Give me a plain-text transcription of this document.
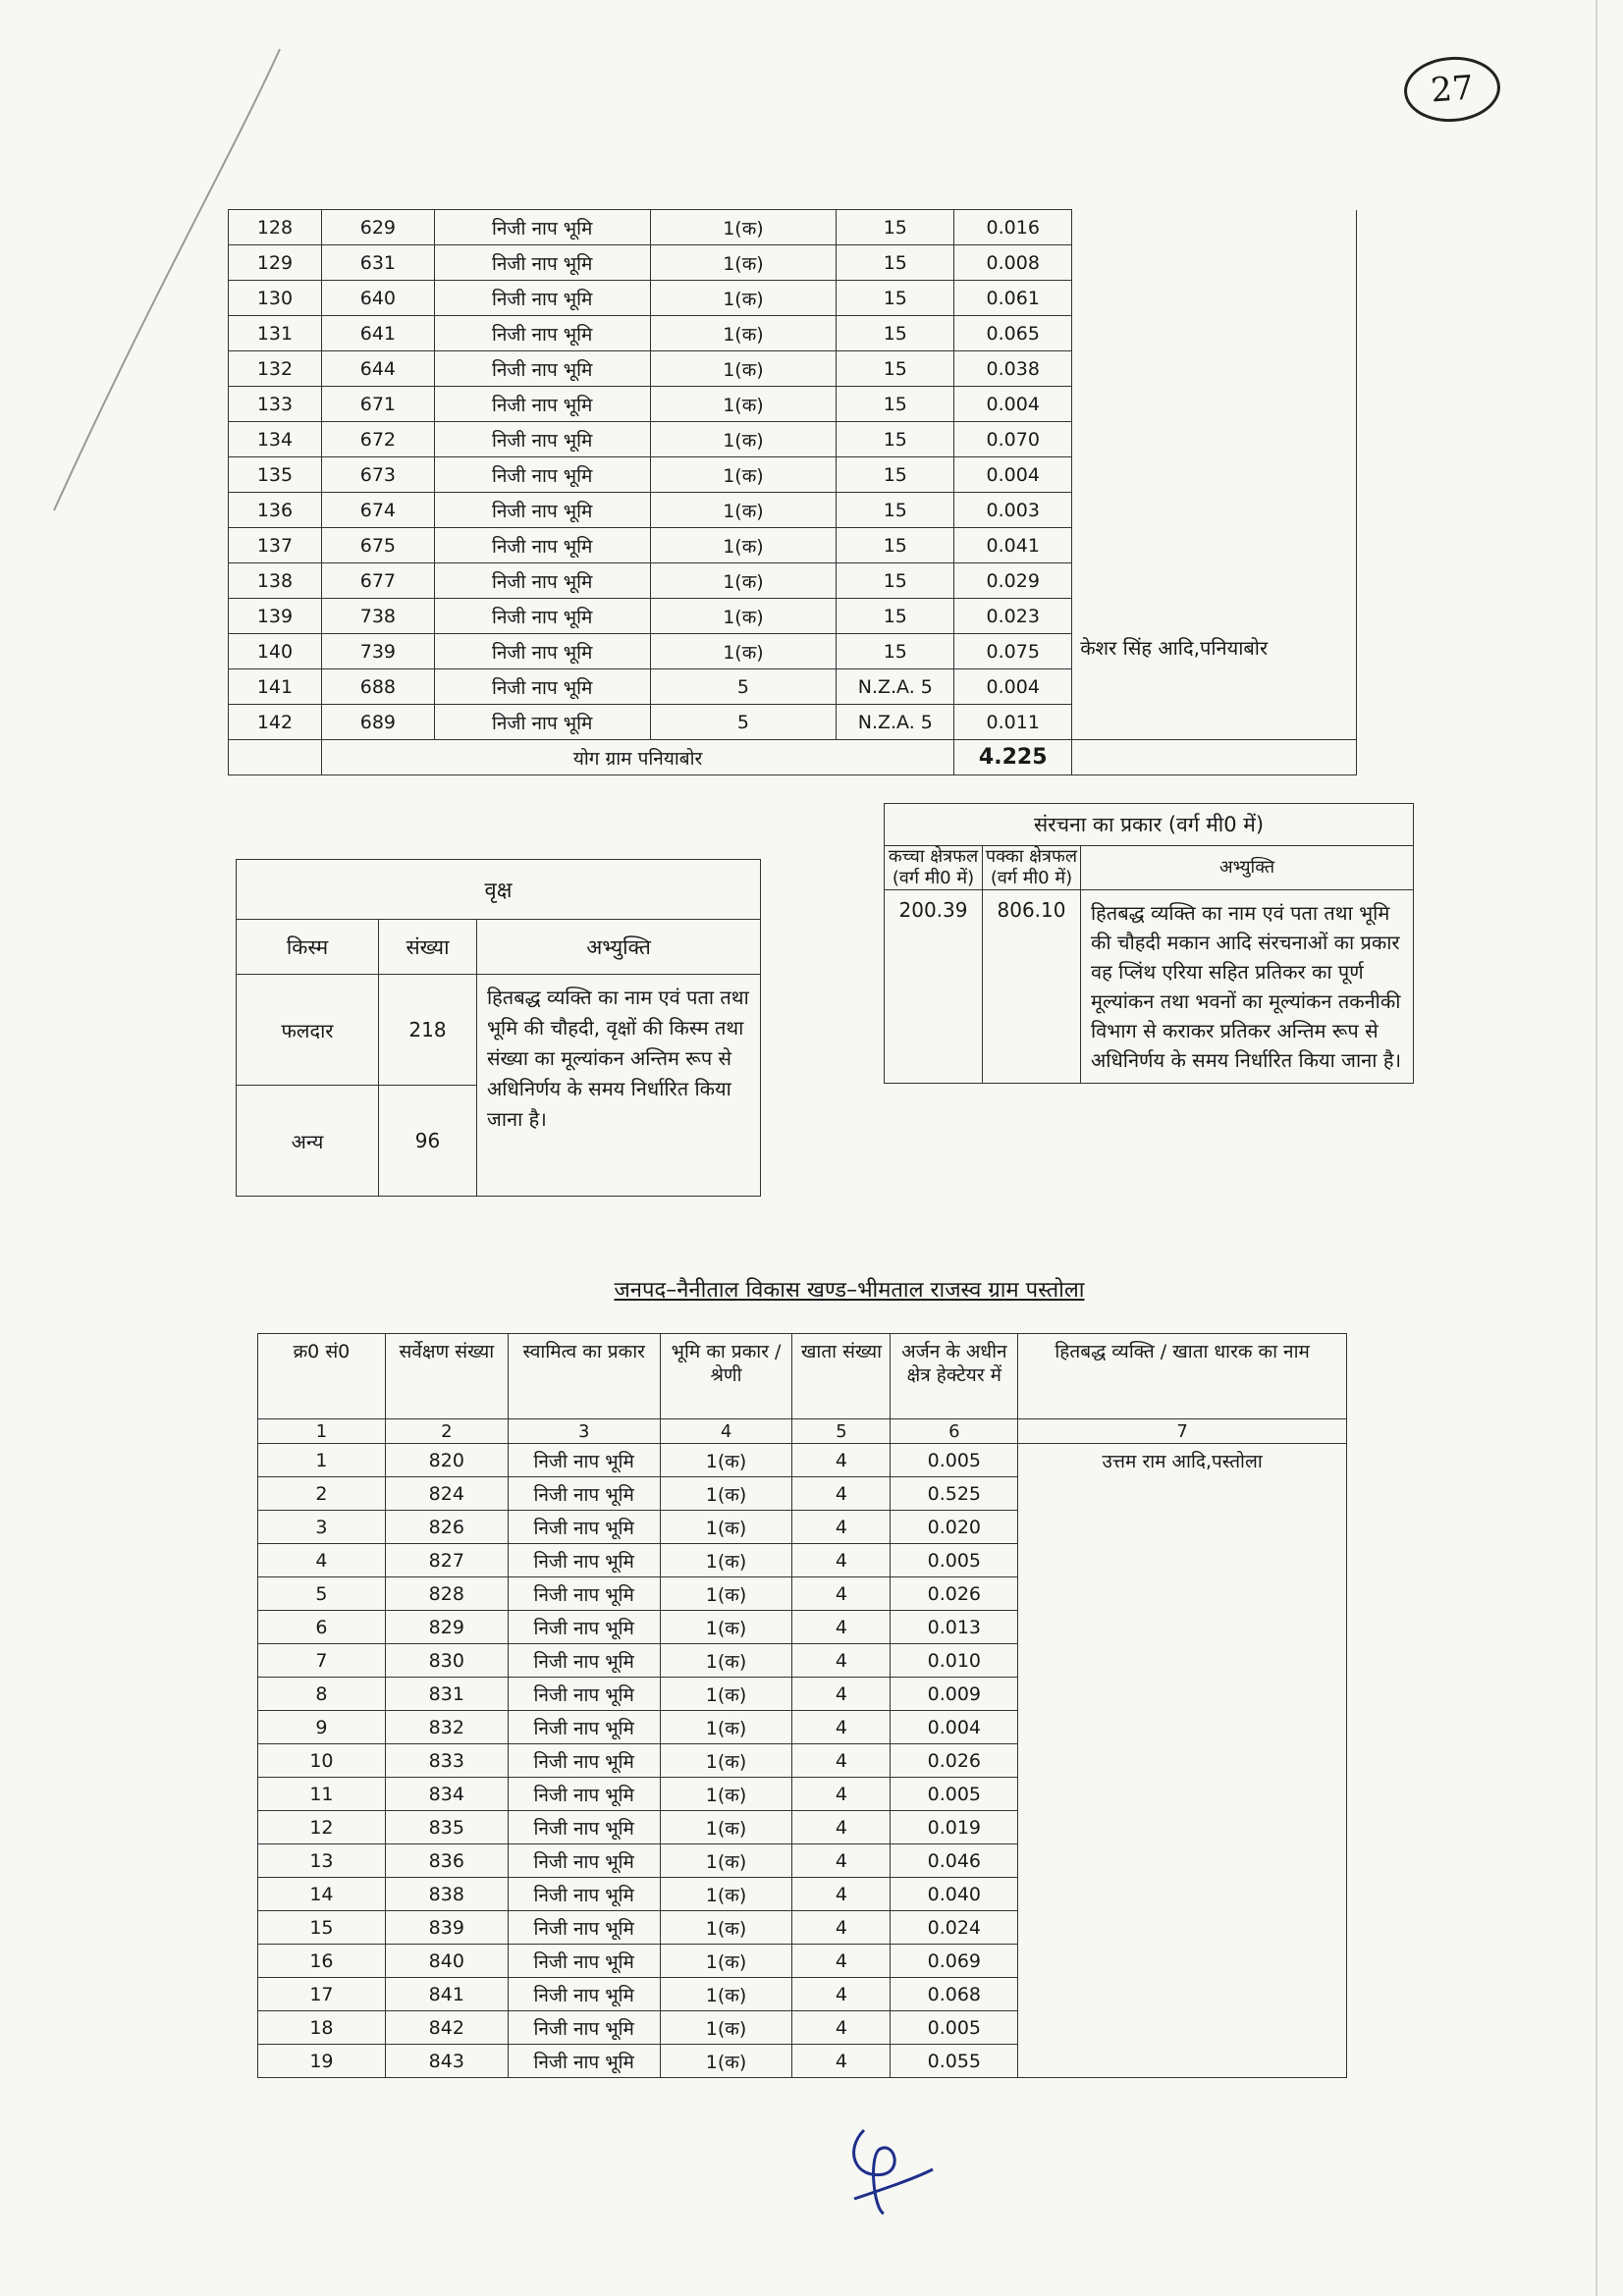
27
128	629	निजी नाप भूमि	1(क)	15	0.016	
129	631	निजी नाप भूमि	1(क)	15	0.008	
130	640	निजी नाप भूमि	1(क)	15	0.061	
131	641	निजी नाप भूमि	1(क)	15	0.065	
132	644	निजी नाप भूमि	1(क)	15	0.038	
133	671	निजी नाप भूमि	1(क)	15	0.004	
134	672	निजी नाप भूमि	1(क)	15	0.070	
135	673	निजी नाप भूमि	1(क)	15	0.004	
136	674	निजी नाप भूमि	1(क)	15	0.003	
137	675	निजी नाप भूमि	1(क)	15	0.041	
138	677	निजी नाप भूमि	1(क)	15	0.029	
139	738	निजी नाप भूमि	1(क)	15	0.023	
140	739	निजी नाप भूमि	1(क)	15	0.075	केशर सिंह आदि,पनियाबोर
141	688	निजी नाप भूमि	5	N.Z.A. 5	0.004	
142	689	निजी नाप भूमि	5	N.Z.A. 5	0.011	
	योग ग्राम पनियाबोर				4.225	
वृक्ष		
किस्म	संख्या	अभ्युक्ति
फलदार	218	हितबद्ध व्यक्ति का नाम एवं पता तथा भूमि की चौहदी, वृक्षों की किस्म तथा संख्या का मूल्यांकन अन्तिम रूप से अधिनिर्णय के समय निर्धारित किया जाना है।
अन्य	96	
संरचना का प्रकार (वर्ग मी0 में)		
कच्चा क्षेत्रफल (वर्ग मी0 में)	पक्का क्षेत्रफल (वर्ग मी0 में)	अभ्युक्ति
200.39	806.10	हितबद्ध व्यक्ति का नाम एवं पता तथा भूमि की चौहदी मकान आदि संरचनाओं का प्रकार वह प्लिंथ एरिया सहित प्रतिकर का पूर्ण मूल्यांकन तथा भवनों का मूल्यांकन तकनीकी विभाग से कराकर प्रतिकर अन्तिम रूप से अधिनिर्णय के समय निर्धारित किया जाना है।
जनपद–नैनीताल विकास खण्ड–भीमताल राजस्व ग्राम पस्तोला
क्र0 सं0	सर्वेक्षण संख्या	स्वामित्व का प्रकार	भूमि का प्रकार / श्रेणी	खाता संख्या	अर्जन के अधीन क्षेत्र हेक्टेयर में	हितबद्ध व्यक्ति / खाता धारक का नाम
1	2	3	4	5	6	7
1	820	निजी नाप भूमि	1(क)	4	0.005	उत्तम राम आदि,पस्तोला
2	824	निजी नाप भूमि	1(क)	4	0.525	
3	826	निजी नाप भूमि	1(क)	4	0.020	
4	827	निजी नाप भूमि	1(क)	4	0.005	
5	828	निजी नाप भूमि	1(क)	4	0.026	
6	829	निजी नाप भूमि	1(क)	4	0.013	
7	830	निजी नाप भूमि	1(क)	4	0.010	
8	831	निजी नाप भूमि	1(क)	4	0.009	
9	832	निजी नाप भूमि	1(क)	4	0.004	
10	833	निजी नाप भूमि	1(क)	4	0.026	
11	834	निजी नाप भूमि	1(क)	4	0.005	
12	835	निजी नाप भूमि	1(क)	4	0.019	
13	836	निजी नाप भूमि	1(क)	4	0.046	
14	838	निजी नाप भूमि	1(क)	4	0.040	
15	839	निजी नाप भूमि	1(क)	4	0.024	
16	840	निजी नाप भूमि	1(क)	4	0.069	
17	841	निजी नाप भूमि	1(क)	4	0.068	
18	842	निजी नाप भूमि	1(क)	4	0.005	
19	843	निजी नाप भूमि	1(क)	4	0.055	
